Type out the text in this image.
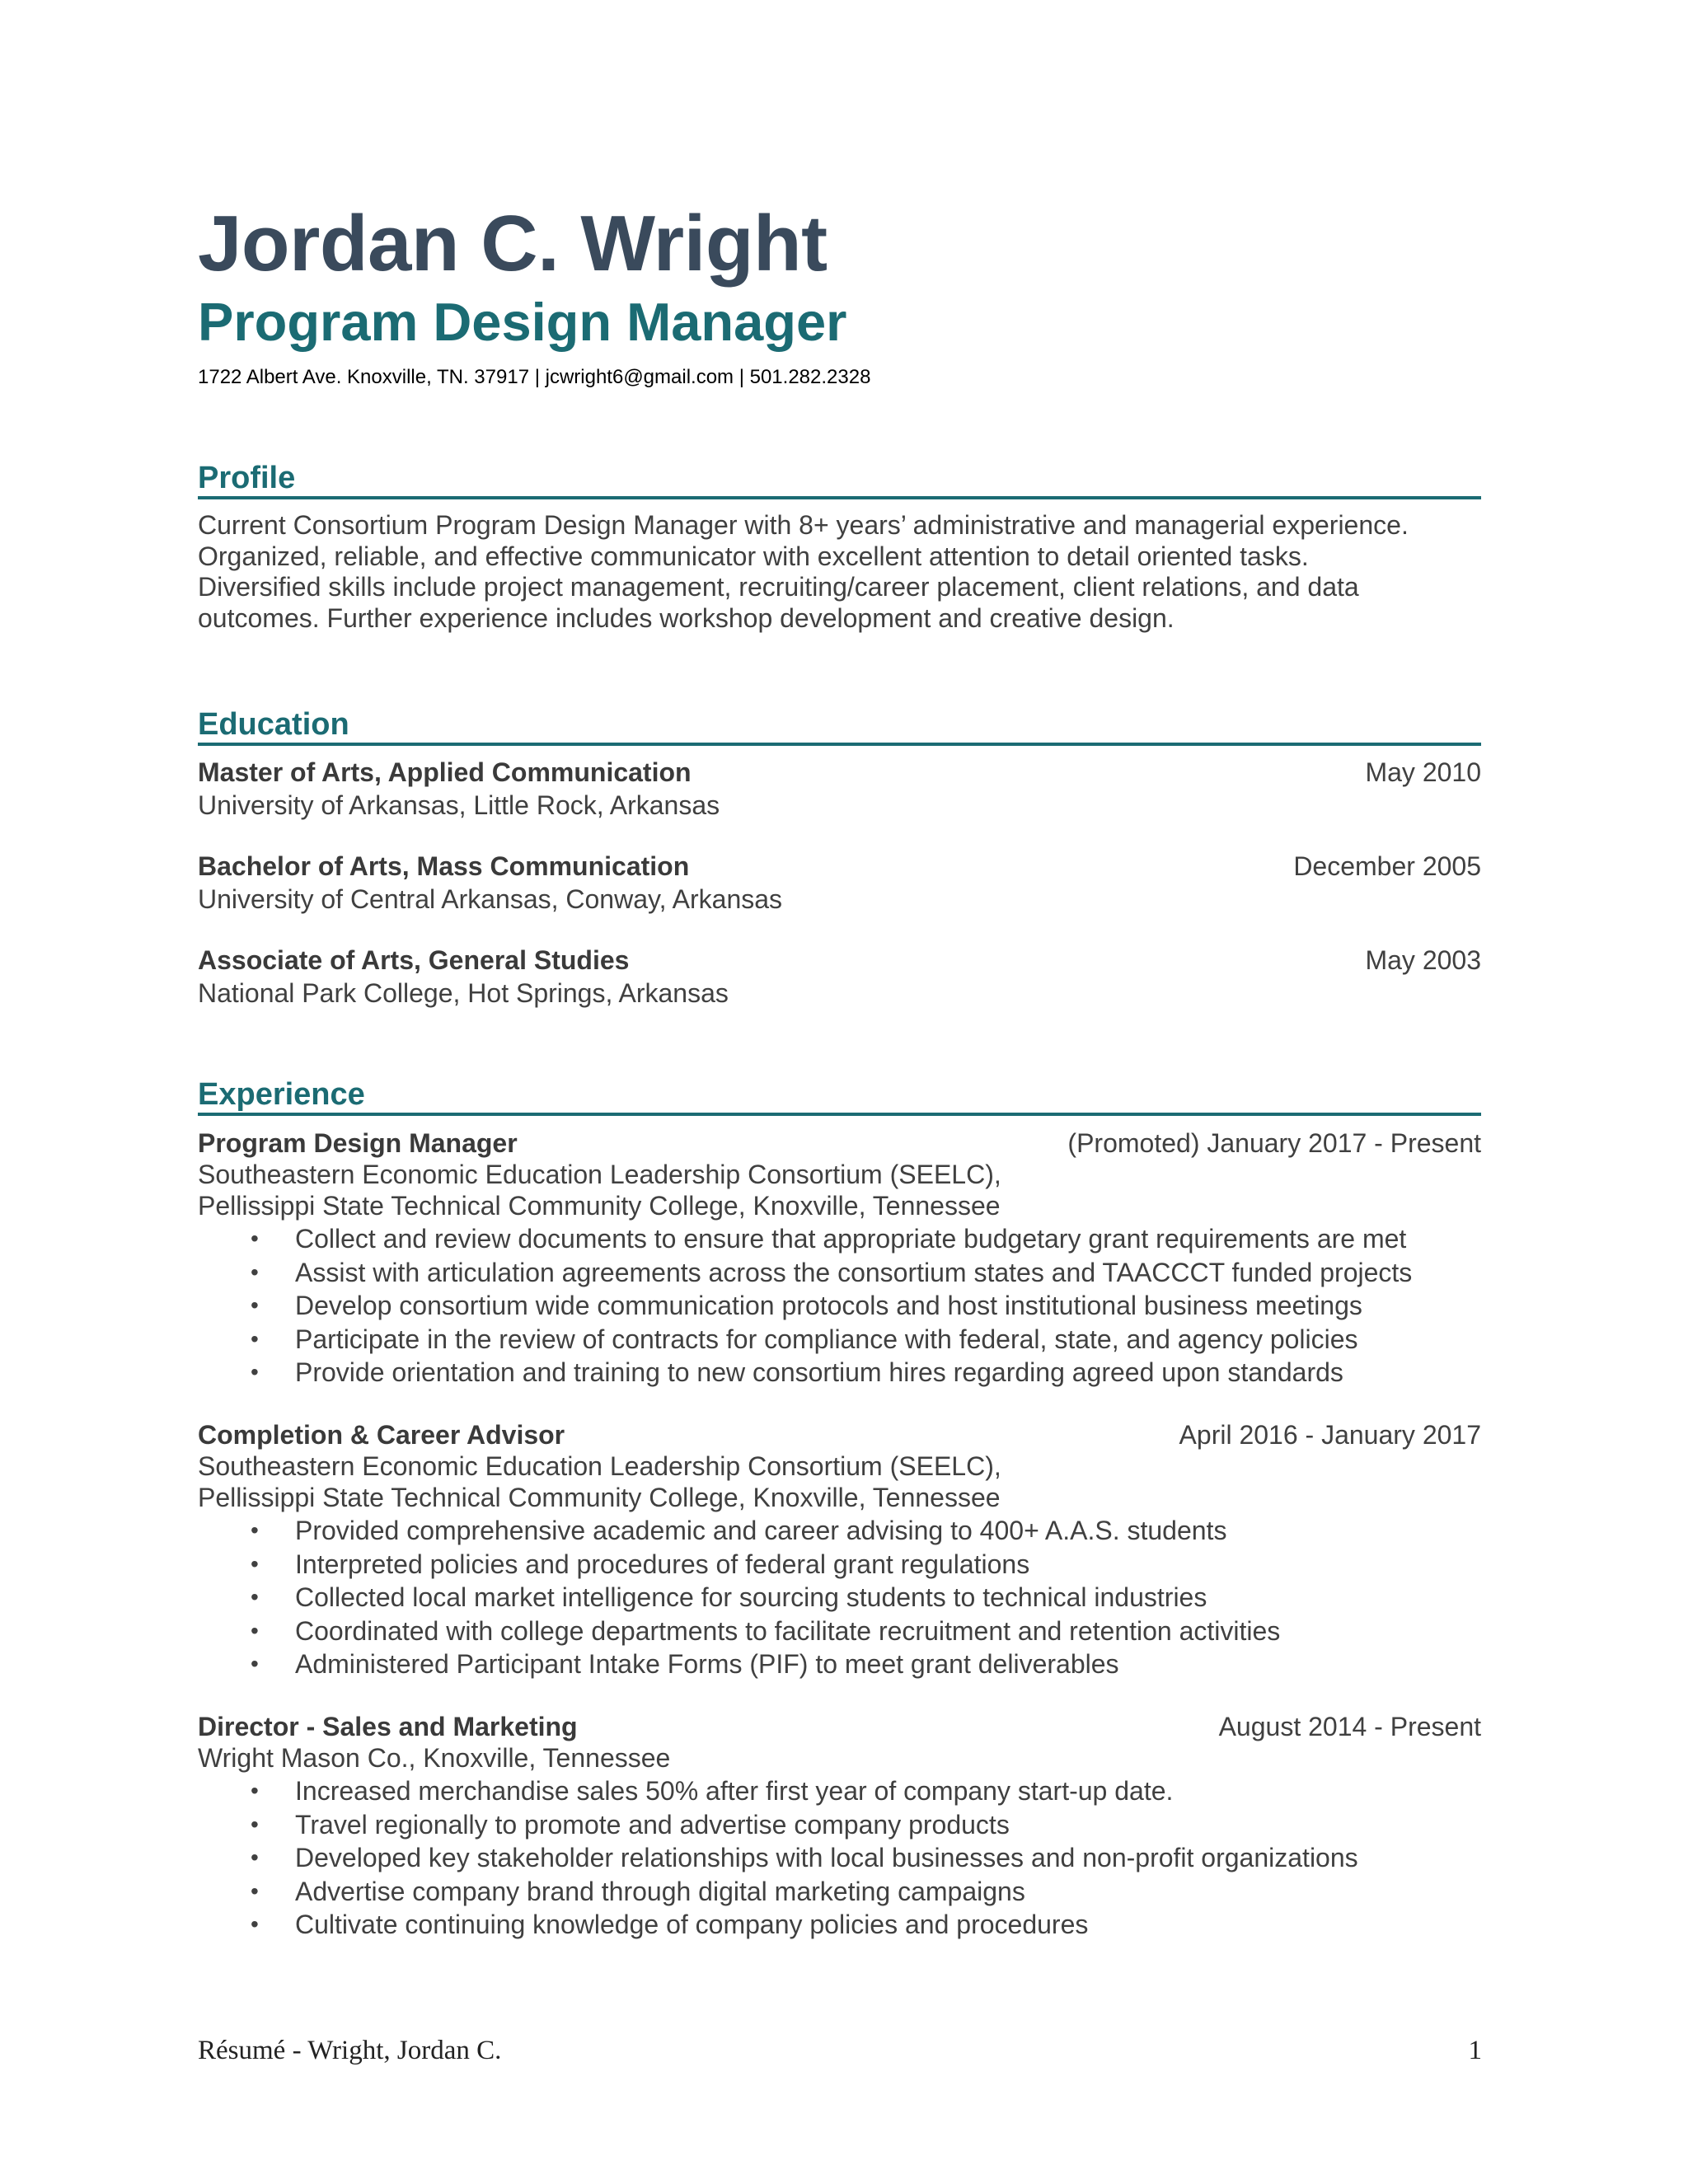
Jordan C. Wright
Program Design Manager
1722 Albert Ave. Knoxville, TN. 37917 | jcwright6@gmail.com | 501.282.2328
Profile
Current Consortium Program Design Manager with 8+ years’ administrative and managerial experience.
Organized, reliable, and effective communicator with excellent attention to detail oriented tasks.
Diversified skills include project management, recruiting/career placement, client relations, and data
outcomes. Further experience includes workshop development and creative design.
Education
Master of Arts, Applied Communication	May 2010
University of Arkansas, Little Rock, Arkansas
Bachelor of Arts, Mass Communication	December 2005
University of Central Arkansas, Conway, Arkansas
Associate of Arts, General Studies	May 2003
National Park College, Hot Springs, Arkansas
Experience
Program Design Manager	(Promoted) January 2017 - Present
Southeastern Economic Education Leadership Consortium (SEELC),
Pellissippi State Technical Community College, Knoxville, Tennessee
• Collect and review documents to ensure that appropriate budgetary grant requirements are met
• Assist with articulation agreements across the consortium states and TAACCCT funded projects
• Develop consortium wide communication protocols and host institutional business meetings
• Participate in the review of contracts for compliance with federal, state, and agency policies
• Provide orientation and training to new consortium hires regarding agreed upon standards
Completion & Career Advisor	April 2016 - January 2017
Southeastern Economic Education Leadership Consortium (SEELC),
Pellissippi State Technical Community College, Knoxville, Tennessee
• Provided comprehensive academic and career advising to 400+ A.A.S. students
• Interpreted policies and procedures of federal grant regulations
• Collected local market intelligence for sourcing students to technical industries
• Coordinated with college departments to facilitate recruitment and retention activities
• Administered Participant Intake Forms (PIF) to meet grant deliverables
Director - Sales and Marketing	August 2014 - Present
Wright Mason Co., Knoxville, Tennessee
• Increased merchandise sales 50% after first year of company start-up date.
• Travel regionally to promote and advertise company products
• Developed key stakeholder relationships with local businesses and non-profit organizations
• Advertise company brand through digital marketing campaigns
• Cultivate continuing knowledge of company policies and procedures
Résumé - Wright, Jordan C.	1
